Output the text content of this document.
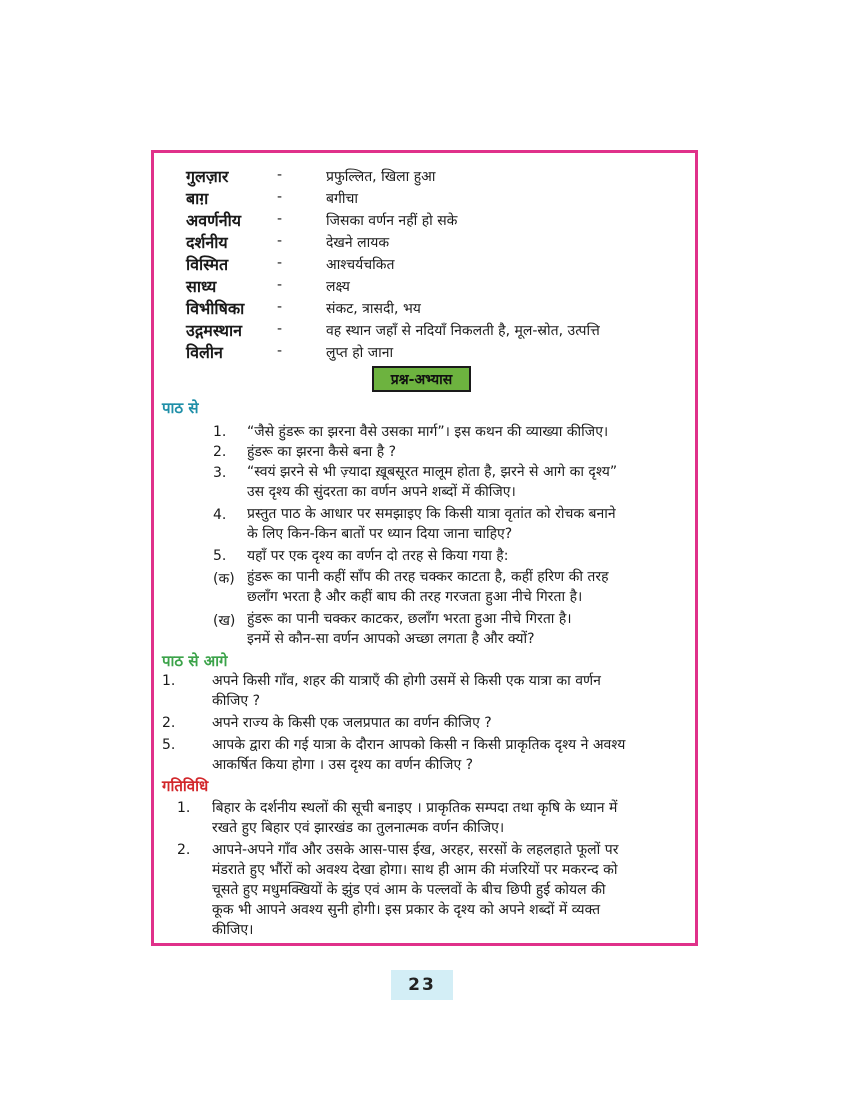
गुलज़ार	-	प्रफुल्लित, खिला हुआ
बाग़	-	बगीचा
अवर्णनीय	-	जिसका वर्णन नहीं हो सके
दर्शनीय	-	देखने लायक
विस्मित	-	आश्चर्यचकित
साध्य	-	लक्ष्य
विभीषिका -	संकट, त्रासदी, भय
उद्गमस्थान -	वह स्थान जहाँ से नदियाँ निकलती है, मूल-स्रोत, उत्पत्ति
विलीन	-	लुप्त हो जाना
प्रश्न-अभ्यास
पाठ से
1. “जैसे हुंडरू का झरना वैसे उसका मार्ग”। इस कथन की व्याख्या कीजिए।
2. हुंडरू का झरना कैसे बना है ?
3. “स्वयं झरने से भी ज़्यादा ख़ूबसूरत मालूम होता है, झरने से आगे का दृश्य”
उस दृश्य की सुंदरता का वर्णन अपने शब्दों में कीजिए।
4. प्रस्तुत पाठ के आधार पर समझाइए कि किसी यात्रा वृतांत को रोचक बनाने
के लिए किन-किन बातों पर ध्यान दिया जाना चाहिए?
5. यहाँ पर एक दृश्य का वर्णन दो तरह से किया गया है:
(क) हुंडरू का पानी कहीं साँप की तरह चक्कर काटता है, कहीं हरिण की तरह
छलाँग भरता है और कहीं बाघ की तरह गरजता हुआ नीचे गिरता है।
(ख) हुंडरू का पानी चक्कर काटकर, छलाँग भरता हुआ नीचे गिरता है।
इनमें से कौन-सा वर्णन आपको अच्छा लगता है और क्यों?
पाठ से आगे
1.	अपने किसी गाँव, शहर की यात्राएँ की होगी उसमें से किसी एक यात्रा का वर्णन
कीजिए ?
2.	अपने राज्य के किसी एक जलप्रपात का वर्णन कीजिए ?
5.	आपके द्वारा की गई यात्रा के दौरान आपको किसी न किसी प्राकृतिक दृश्य ने अवश्य
आकर्षित किया होगा । उस दृश्य का वर्णन कीजिए ?
गतिविधि
1. बिहार के दर्शनीय स्थलों की सूची बनाइए । प्राकृतिक सम्पदा तथा कृषि के ध्यान में
रखते हुए बिहार एवं झारखंड का तुलनात्मक वर्णन कीजिए।
2. आपने-अपने गाँव और उसके आस-पास ईख, अरहर, सरसों के लहलहाते फूलों पर
मंडराते हुए भौंरों को अवश्य देखा होगा। साथ ही आम की मंजरियों पर मकरन्द को
चूसते हुए मधुमक्खियों के झुंड एवं आम के पल्लवों के बीच छिपी हुई कोयल की
कूक भी आपने अवश्य सुनी होगी। इस प्रकार के दृश्य को अपने शब्दों में व्यक्त
कीजिए।
23
